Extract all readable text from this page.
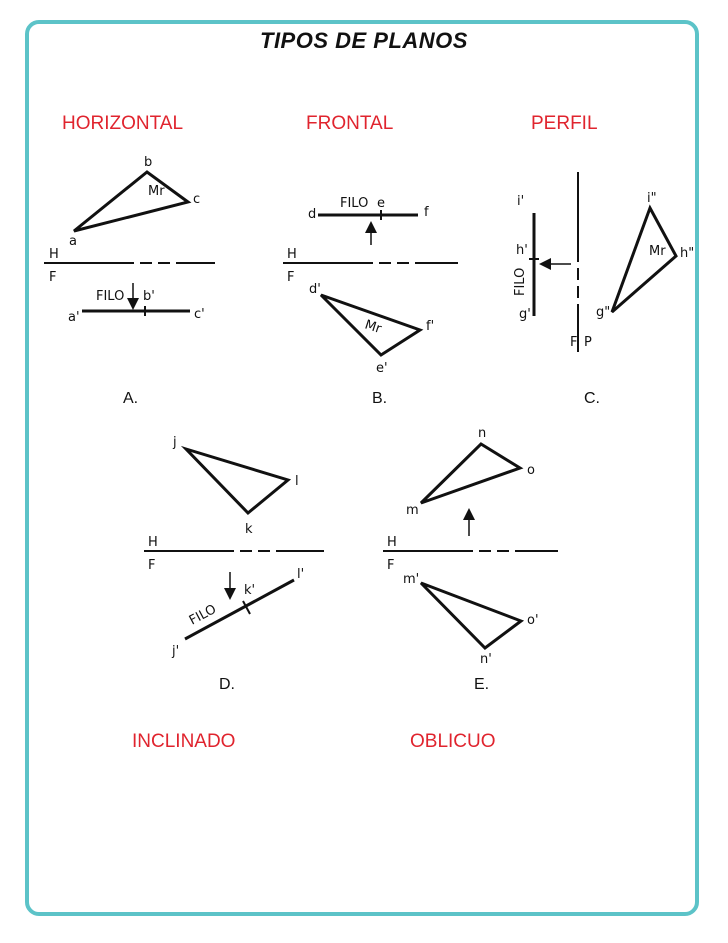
TIPOS DE PLANOS
HORIZONTAL	FRONTAL	PERFIL
INCLINADO	OBLICUO
b
a
c
Mr
H
F
FILO
a'
b'
c'
A.
d
e
f
FILO
H
F
d'
f'
e'
Mr
B.
i'
h'
g'
FILO
F P
i"
h"
g"
Mr
C.
j
l
k
H
F
FILO
j'
k'
l'
D.
n
o
m
H
F
m'
o'
n'
E.
